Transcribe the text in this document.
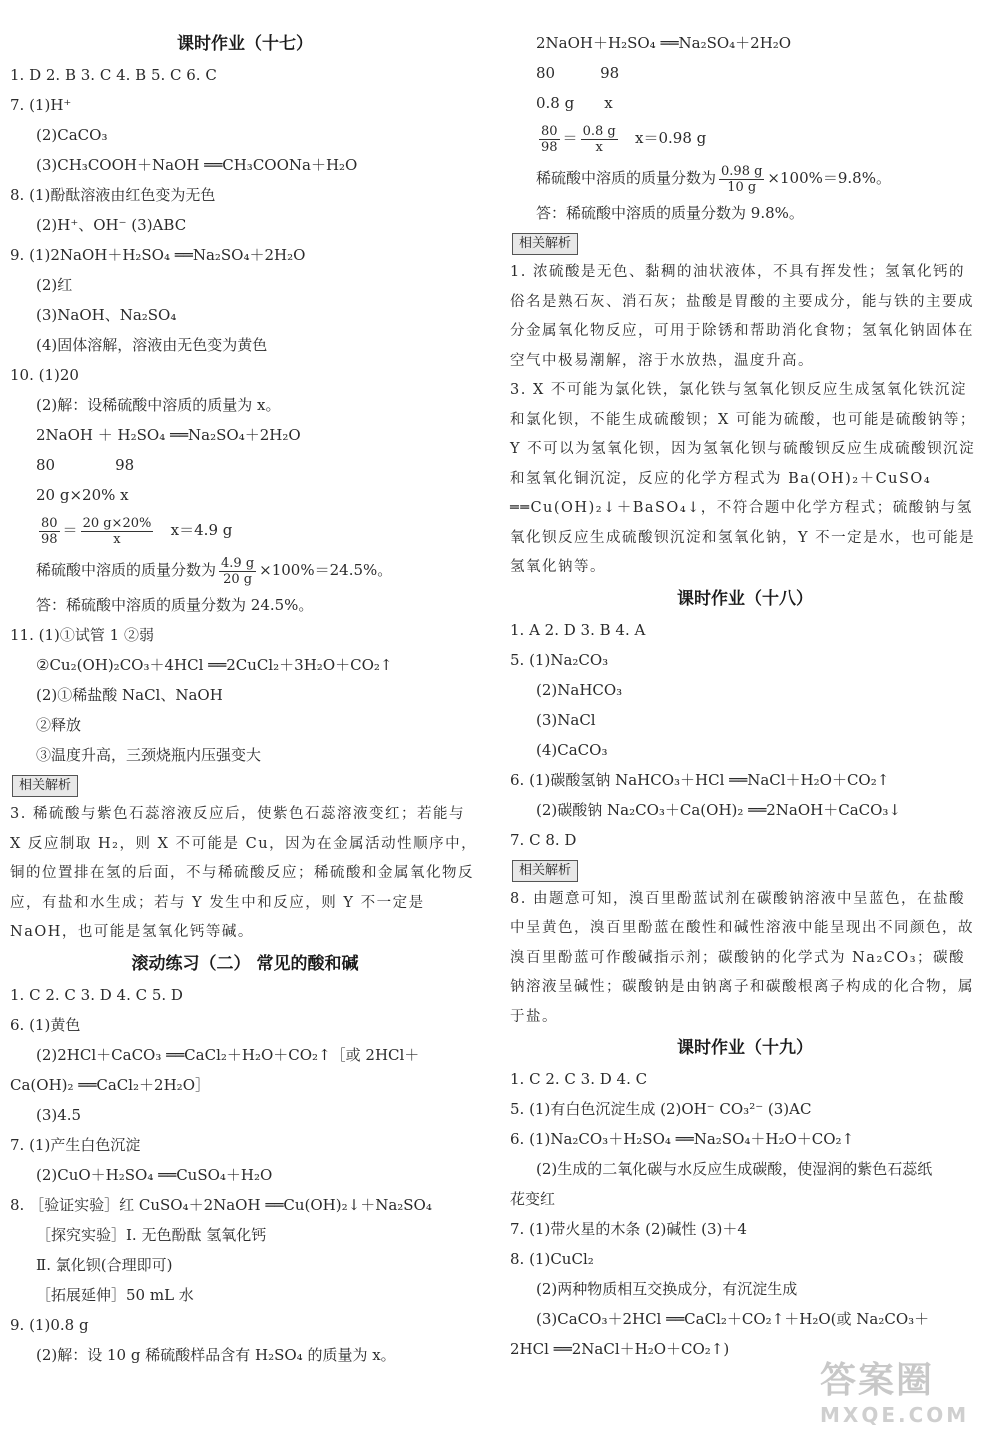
课时作业（十七）
1. D 2. B 3. C 4. B 5. C 6. C
7. (1)H⁺
(2)CaCO₃
(3)CH₃COOH＋NaOH ══CH₃COONa＋H₂O
8. (1)酚酞溶液由红色变为无色
(2)H⁺、OH⁻ (3)ABC
9. (1)2NaOH＋H₂SO₄ ══Na₂SO₄＋2H₂O
(2)红
(3)NaOH、Na₂SO₄
(4)固体溶解，溶液由无色变为黄色
10. (1)20
(2)解：设稀硫酸中溶质的质量为 x。
2NaOH ＋ H₂SO₄ ══Na₂SO₄＋2H₂O
80　　　　98
20 g×20% x
$\frac{80}{98} = \frac{20 g\times 20\%}{x} x=4.9$ g
稀硫酸中溶质的质量分数为 $\frac{4.9 g}{20 g} \times 100\%=24.5\%$。
答：稀硫酸中溶质的质量分数为 24.5%。
11. (1)①试管 1 ②弱
②Cu₂(OH)₂CO₃＋4HCl ══2CuCl₂＋3H₂O＋CO₂↑
(2)①稀盐酸 NaCl、NaOH
②释放
③温度升高，三颈烧瓶内压强变大
相关解析
3. 稀硫酸与紫色石蕊溶液反应后，使紫色石蕊溶液变红；若能与 X 反应制取 H₂，则 X 不可能是 Cu，因为在金属活动性顺序中，铜的位置排在氢的后面，不与稀硫酸反应；稀硫酸和金属氧化物反应，有盐和水生成；若与 Y 发生中和反应，则 Y 不一定是 NaOH，也可能是氢氧化钙等碱。
滚动练习（二） 常见的酸和碱
1. C 2. C 3. D 4. C 5. D
6. (1)黄色
(2)2HCl＋CaCO₃ ══CaCl₂＋H₂O＋CO₂↑［或 2HCl＋
Ca(OH)₂ ══CaCl₂＋2H₂O］
(3)4.5
7. (1)产生白色沉淀
(2)CuO＋H₂SO₄ ══CuSO₄＋H₂O
8. ［验证实验］红 CuSO₄＋2NaOH ══Cu(OH)₂↓＋Na₂SO₄
［探究实验］Ⅰ. 无色酚酞 氢氧化钙
Ⅱ. 氯化钡(合理即可)
［拓展延伸］50 mL 水
9. (1)0.8 g
(2)解：设 10 g 稀硫酸样品含有 H₂SO₄ 的质量为 x。
2NaOH＋H₂SO₄ ══Na₂SO₄＋2H₂O
80　　　98
0.8 g　　x
$\frac{80}{98} = \frac{0.8 g}{x} x=0.98$ g
稀硫酸中溶质的质量分数为 $\frac{0.98 g}{10 g} \times 100\%=9.8\%$。
答：稀硫酸中溶质的质量分数为 9.8%。
相关解析
1. 浓硫酸是无色、黏稠的油状液体，不具有挥发性；氢氧化钙的俗名是熟石灰、消石灰；盐酸是胃酸的主要成分，能与铁的主要成分金属氧化物反应，可用于除锈和帮助消化食物；氢氧化钠固体在空气中极易潮解，溶于水放热，温度升高。
3. X 不可能为氯化铁，氯化铁与氢氧化钡反应生成氢氧化铁沉淀和氯化钡，不能生成硫酸钡；X 可能为硫酸，也可能是硫酸钠等；Y 不可以为氢氧化钡，因为氢氧化钡与硫酸钡反应生成硫酸钡沉淀和氢氧化铜沉淀，反应的化学方程式为 Ba(OH)₂＋CuSO₄ ══Cu(OH)₂↓＋BaSO₄↓，不符合题中化学方程式；硫酸钠与氢氧化钡反应生成硫酸钡沉淀和氢氧化钠，Y 不一定是水，也可能是氢氧化钠等。
课时作业（十八）
1. A 2. D 3. B 4. A
5. (1)Na₂CO₃
(2)NaHCO₃
(3)NaCl
(4)CaCO₃
6. (1)碳酸氢钠 NaHCO₃＋HCl ══NaCl＋H₂O＋CO₂↑
(2)碳酸钠 Na₂CO₃＋Ca(OH)₂ ══2NaOH＋CaCO₃↓
7. C 8. D
相关解析
8. 由题意可知，溴百里酚蓝试剂在碳酸钠溶液中呈蓝色，在盐酸中呈黄色，溴百里酚蓝在酸性和碱性溶液中能呈现出不同颜色，故溴百里酚蓝可作酸碱指示剂；碳酸钠的化学式为 Na₂CO₃；碳酸钠溶液呈碱性；碳酸钠是由钠离子和碳酸根离子构成的化合物，属于盐。
课时作业（十九）
1. C 2. C 3. D 4. C
5. (1)有白色沉淀生成 (2)OH⁻ CO₃²⁻ (3)AC
6. (1)Na₂CO₃＋H₂SO₄ ══Na₂SO₄＋H₂O＋CO₂↑
(2)生成的二氧化碳与水反应生成碳酸，使湿润的紫色石蕊纸
花变红
7. (1)带火星的木条 (2)碱性 (3)＋4
8. (1)CuCl₂
(2)两种物质相互交换成分，有沉淀生成
(3)CaCO₃＋2HCl ══CaCl₂＋CO₂↑＋H₂O(或 Na₂CO₃＋
2HCl ══2NaCl＋H₂O＋CO₂↑)
答案圈
MXQE.COM
